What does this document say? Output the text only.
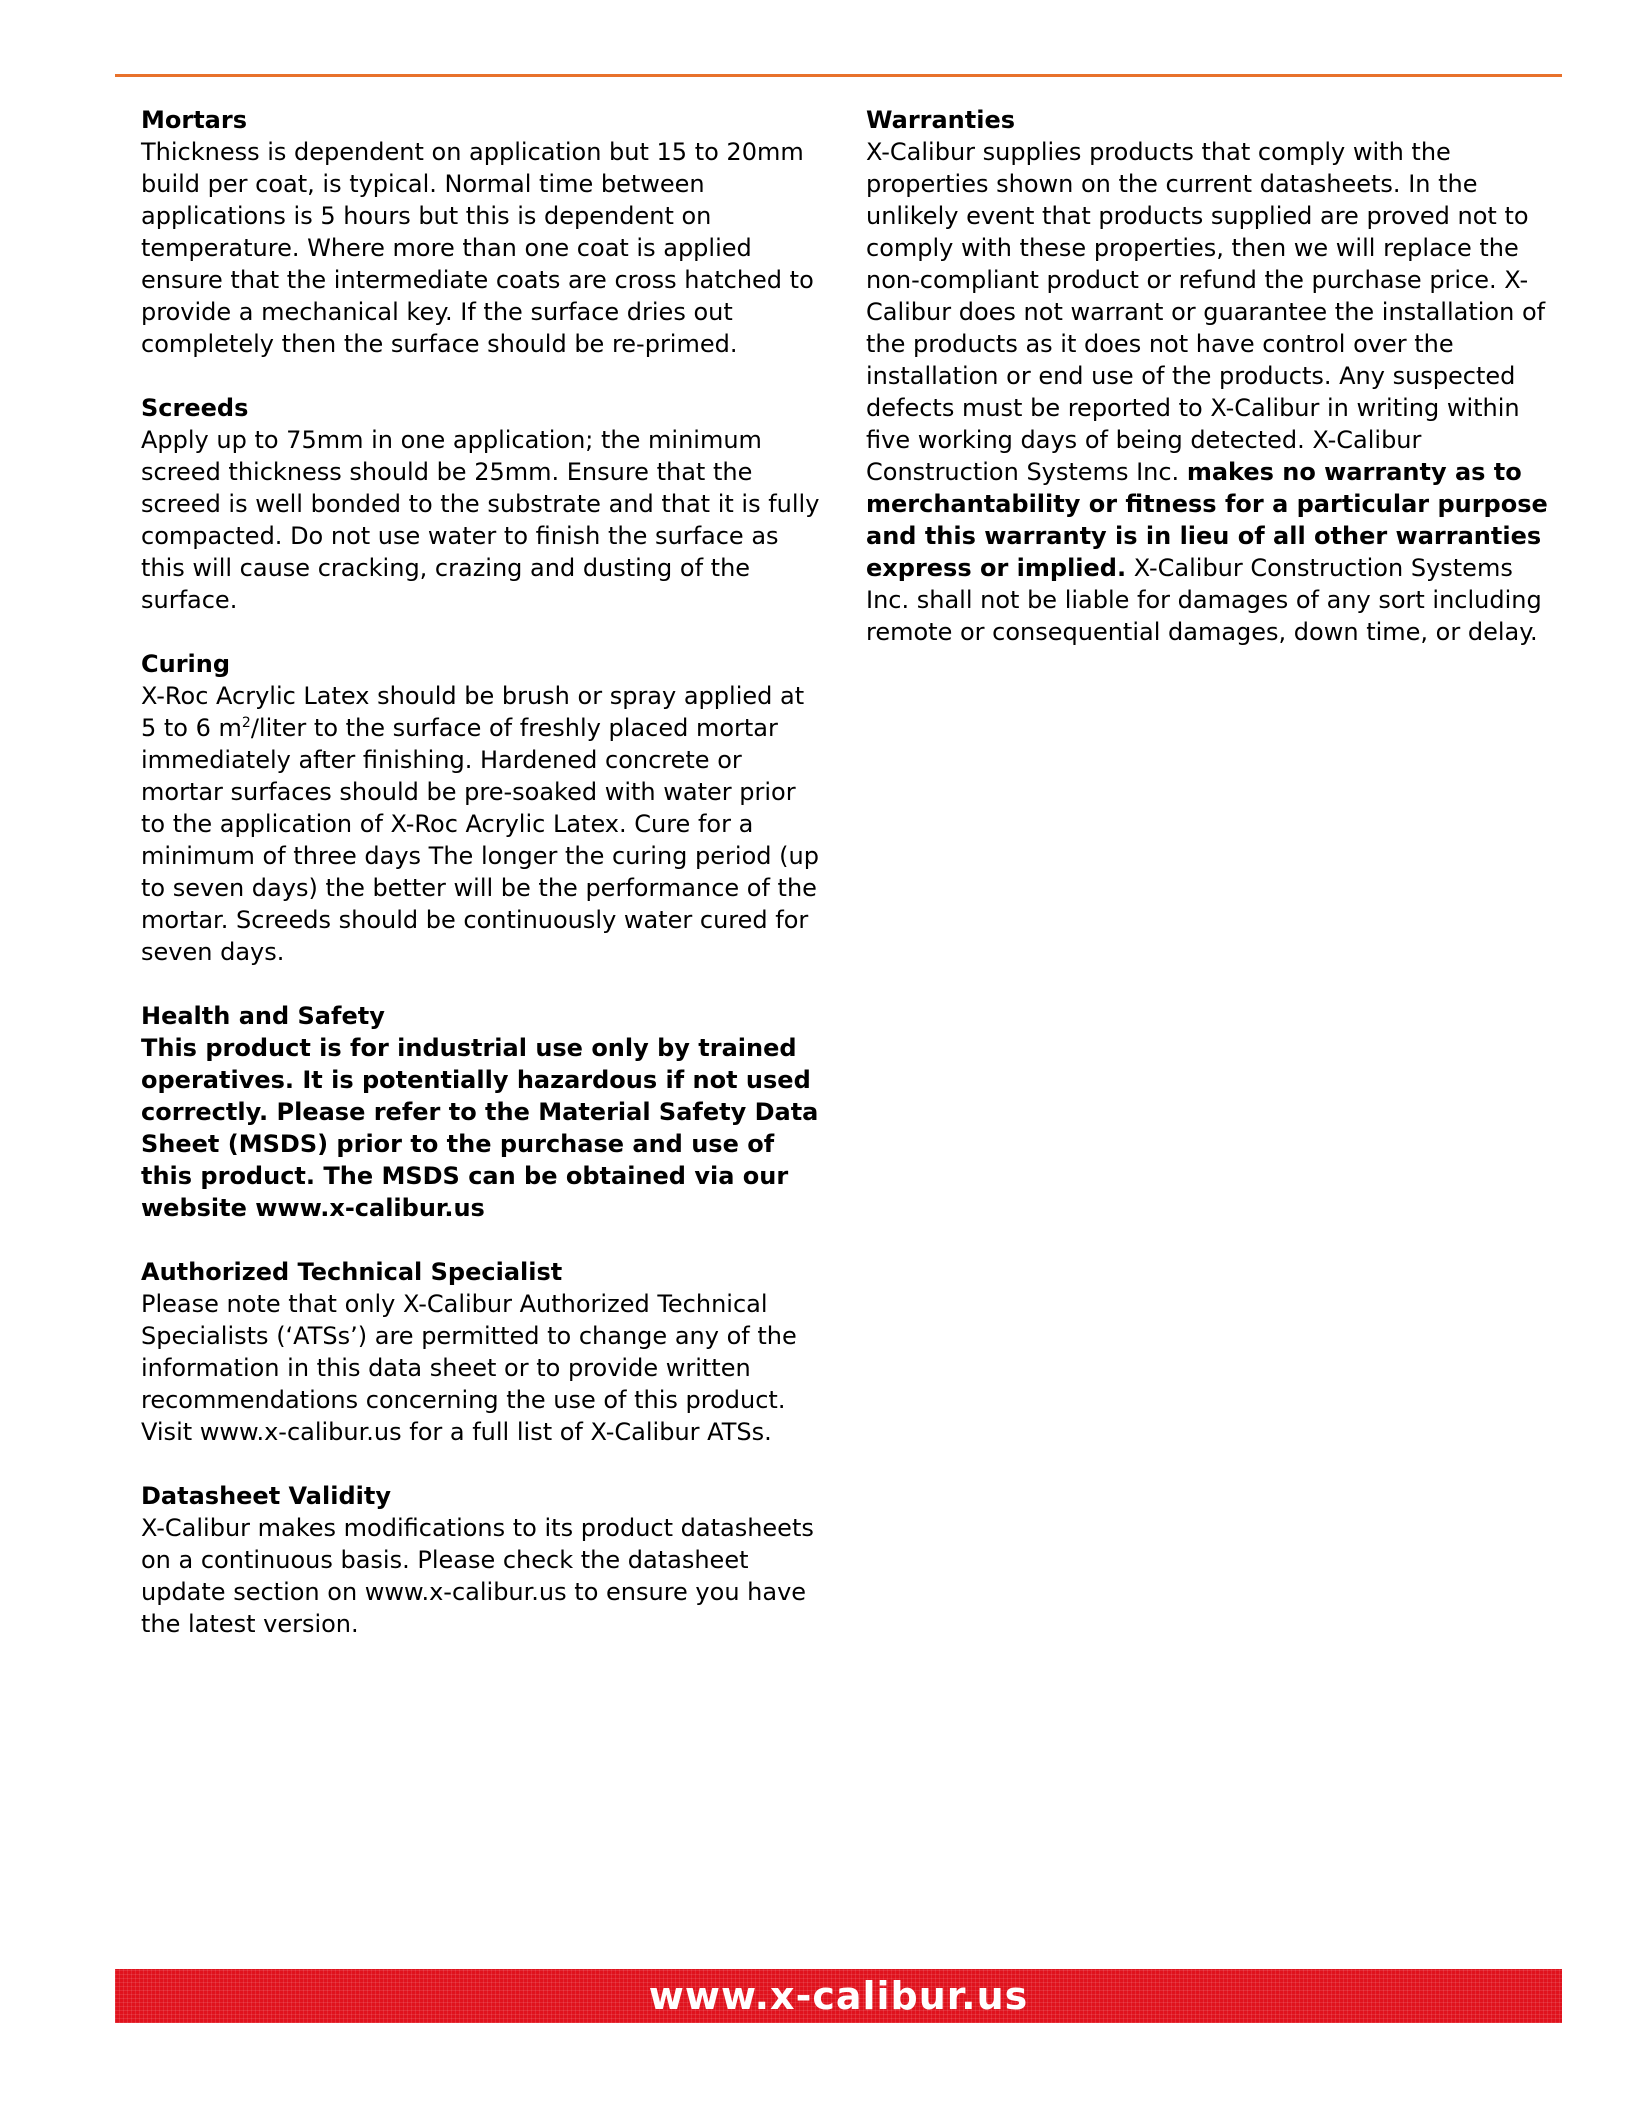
Mortars

Thickness is dependent on application but 15 to 20mm build per coat, is typical. Normal time between applications is 5 hours but this is dependent on temperature. Where more than one coat is applied ensure that the intermediate coats are cross hatched to provide a mechanical key. If the surface dries out completely then the surface should be re-primed.

Screeds

Apply up to 75mm in one application; the minimum screed thickness should be 25mm. Ensure that the screed is well bonded to the substrate and that it is fully compacted. Do not use water to finish the surface as this will cause cracking, crazing and dusting of the surface.

Curing

X-Roc Acrylic Latex should be brush or spray applied at 5 to 6 $m^2$/liter to the surface of freshly placed mortar immediately after finishing. Hardened concrete or mortar surfaces should be pre-soaked with water prior to the application of X-Roc Acrylic Latex. Cure for a minimum of three days The longer the curing period (up to seven days) the better will be the performance of the mortar. Screeds should be continuously water cured for seven days.

Health and Safety

This product is for industrial use only by trained operatives. It is potentially hazardous if not used correctly. Please refer to the Material Safety Data Sheet (MSDS) prior to the purchase and use of this product. The MSDS can be obtained via our website www.x-calibur.us

Authorized Technical Specialist

Please note that only X-Calibur Authorized Technical Specialists (‘ATSs’) are permitted to change any of the information in this data sheet or to provide written recommendations concerning the use of this product. Visit www.x-calibur.us for a full list of X-Calibur ATSs.

Datasheet Validity

X-Calibur makes modifications to its product datasheets on a continuous basis. Please check the datasheet update section on www.x-calibur.us to ensure you have the latest version.

Warranties

X-Calibur supplies products that comply with the properties shown on the current datasheets. In the unlikely event that products supplied are proved not to comply with these properties, then we will replace the non-compliant product or refund the purchase price. X-Calibur does not warrant or guarantee the installation of the products as it does not have control over the installation or end use of the products. Any suspected defects must be reported to X-Calibur in writing within five working days of being detected. X-Calibur Construction Systems Inc. makes no warranty as to merchantability or fitness for a particular purpose and this warranty is in lieu of all other warranties express or implied. X-Calibur Construction Systems Inc. shall not be liable for damages of any sort including remote or consequential damages, down time, or delay.

www.x-calibur.us
